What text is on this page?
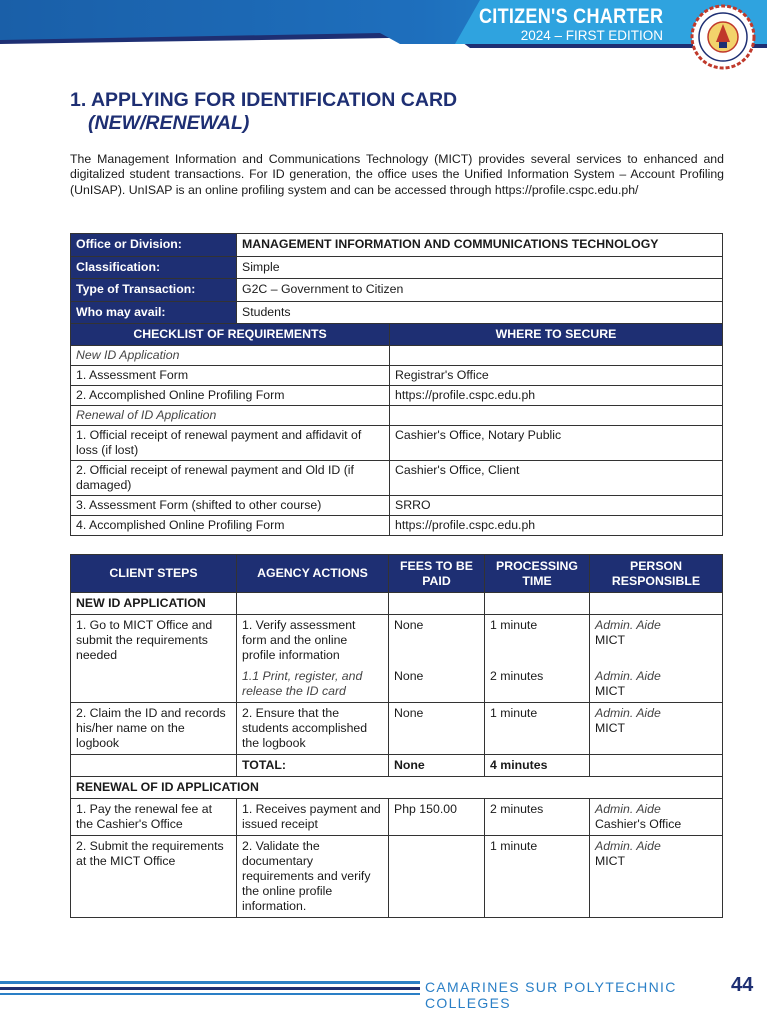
CITIZEN'S CHARTER
2024 – FIRST EDITION
1. APPLYING FOR IDENTIFICATION CARD
(NEW/RENEWAL)
The Management Information and Communications Technology (MICT) provides several services to enhanced and digitalized student transactions. For ID generation, the office uses the Unified Information System – Account Profiling (UnISAP). UnISAP is an online profiling system and can be accessed through https://profile.cspc.edu.ph/
Office or Division:	MANAGEMENT INFORMATION AND COMMUNICATIONS TECHNOLOGY
Classification:	Simple
Type of Transaction:	G2C – Government to Citizen
Who may avail:	Students
CHECKLIST OF REQUIREMENTS	WHERE TO SECURE
New ID Application	
1. Assessment Form	Registrar's Office
2. Accomplished Online Profiling Form	https://profile.cspc.edu.ph
Renewal of ID Application	
1. Official receipt of renewal payment and affidavit of loss (if lost)	Cashier's Office, Notary Public
2. Official receipt of renewal payment and Old ID (if damaged)	Cashier's Office, Client
3. Assessment Form (shifted to other course)	SRRO
4. Accomplished Online Profiling Form	https://profile.cspc.edu.ph
CLIENT STEPS	AGENCY ACTIONS	FEES TO BE PAID	PROCESSING TIME	PERSON RESPONSIBLE
NEW ID APPLICATION				
1. Go to MICT Office and submit the requirements needed	1. Verify assessment form and the online profile information	None	1 minute	Admin. Aide
MICT
	1.1 Print, register, and release the ID card	None	2 minutes	Admin. Aide
MICT
2. Claim the ID and records his/her name on the logbook	2. Ensure that the students accomplished the logbook	None	1 minute	Admin. Aide
MICT
	TOTAL:	None	4 minutes	
RENEWAL OF ID APPLICATION				
1. Pay the renewal fee at the Cashier's Office	1. Receives payment and issued receipt	Php 150.00	2 minutes	Admin. Aide
Cashier's Office
2. Submit the requirements at the MICT Office	2. Validate the documentary requirements and verify the online profile information.		1 minute	Admin. Aide
MICT
CAMARINES SUR POLYTECHNIC COLLEGES
44
